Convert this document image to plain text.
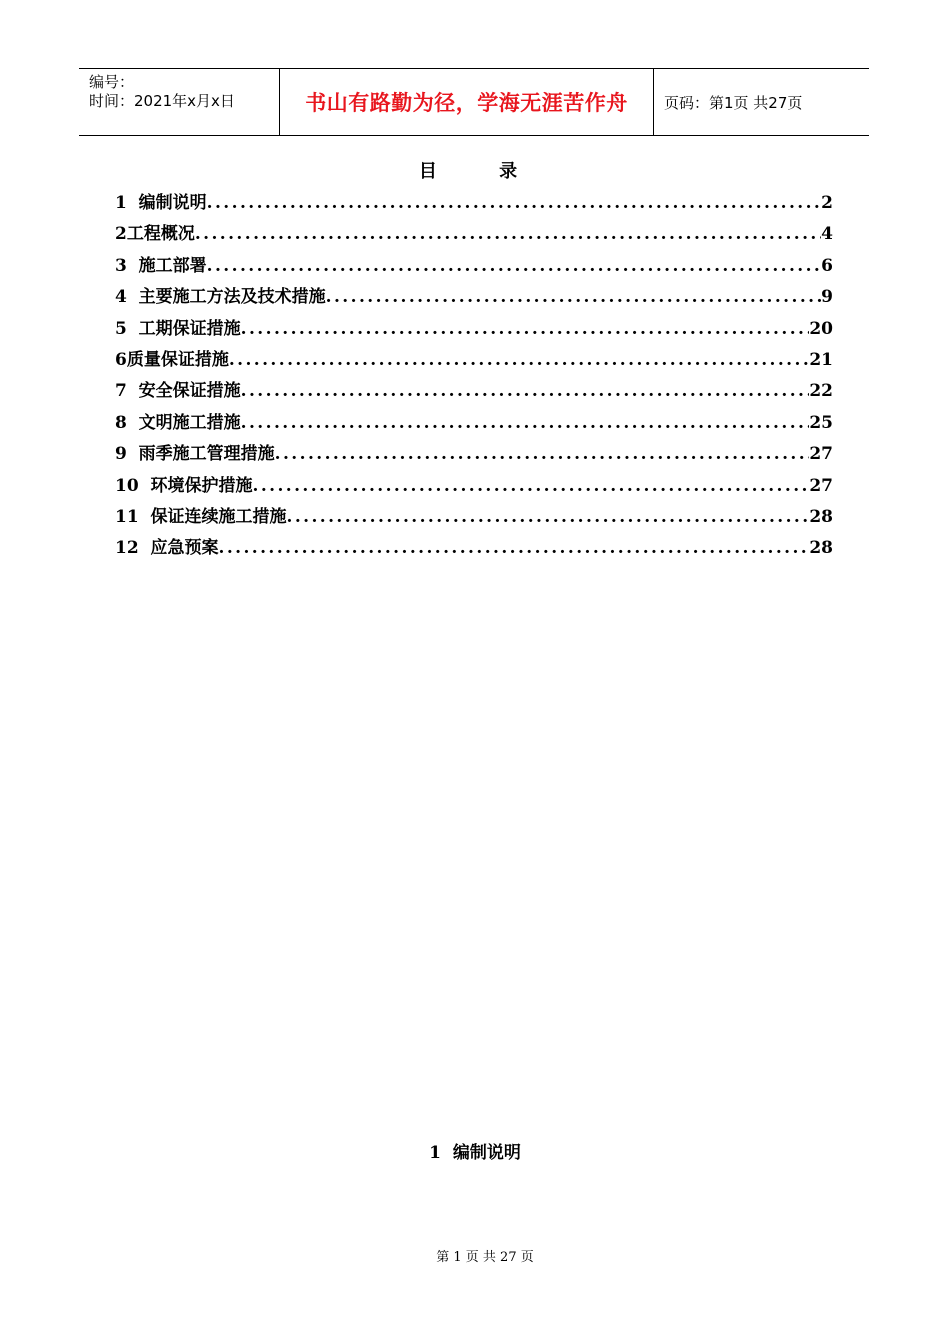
编号：
时间：2021年x月x日	书山有路勤为径，学海无涯苦作舟 页码：第1页 共27页
目 录
1  编制说明 .....	2
2工程概况 .....	4
3  施工部署 .....	6
4  主要施工方法及技术措施 .....	9
5  工期保证措施 .....	20
6质量保证措施 .....	21
7  安全保证措施 .....	22
8  文明施工措施 .....	25
9  雨季施工管理措施 .....	27
10  环境保护措施 .....	27
11  保证连续施工措施 .....	28
12  应急预案 .....	28
1  编制说明
第 1 页 共 27 页
